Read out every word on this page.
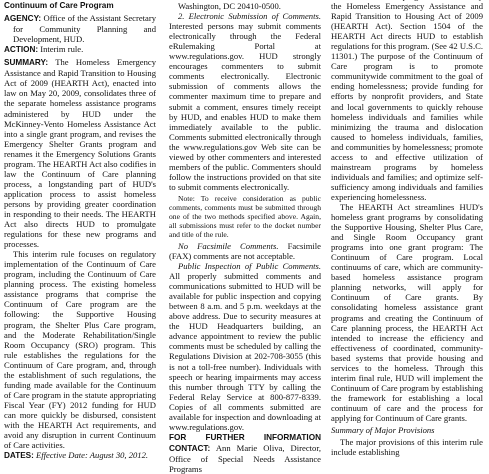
Continuum of Care Program

AGENCY: Office of the Assistant Secretary for Community Planning and Development, HUD.

ACTION: Interim rule.

SUMMARY: The Homeless Emergency Assistance and Rapid Transition to Housing Act of 2009 (HEARTH Act), enacted into law on May 20, 2009, consolidates three of the separate homeless assistance programs administered by HUD under the McKinney-Vento Homeless Assistance Act into a single grant program, and revises the Emergency Shelter Grants program and renames it the Emergency Solutions Grants program. The HEARTH Act also codifies in law the Continuum of Care planning process, a longstanding part of HUD's application process to assist homeless persons by providing greater coordination in responding to their needs. The HEARTH Act also directs HUD to promulgate regulations for these new programs and processes.

This interim rule focuses on regulatory implementation of the Continuum of Care program, including the Continuum of Care planning process. The existing homeless assistance programs that comprise the Continuum of Care program are the following: the Supportive Housing program, the Shelter Plus Care program, and the Moderate Rehabilitation/Single Room Occupancy (SRO) program. This rule establishes the regulations for the Continuum of Care program, and, through the establishment of such regulations, the funding made available for the Continuum of Care program in the statute appropriating Fiscal Year (FY) 2012 funding for HUD can more quickly be disbursed, consistent with the HEARTH Act requirements, and avoid any disruption in current Continuum of Care activities.

DATES: Effective Date: August 30, 2012.

Washington, DC 20410-0500.

2. Electronic Submission of Comments. Interested persons may submit comments electronically through the Federal eRulemaking Portal at www.regulations.gov. HUD strongly encourages commenters to submit comments electronically. Electronic submission of comments allows the commenter maximum time to prepare and submit a comment, ensures timely receipt by HUD, and enables HUD to make them immediately available to the public. Comments submitted electronically through the www.regulations.gov Web site can be viewed by other commenters and interested members of the public. Commenters should follow the instructions provided on that site to submit comments electronically.

Note: To receive consideration as public comments, comments must be submitted through one of the two methods specified above. Again, all submissions must refer to the docket number and title of the rule.

No Facsimile Comments. Facsimile (FAX) comments are not acceptable.

Public Inspection of Public Comments. All properly submitted comments and communications submitted to HUD will be available for public inspection and copying between 8 a.m. and 5 p.m. weekdays at the above address. Due to security measures at the HUD Headquarters building, an advance appointment to review the public comments must be scheduled by calling the Regulations Division at 202-708-3055 (this is not a toll-free number). Individuals with speech or hearing impairments may access this number through TTY by calling the Federal Relay Service at 800-877-8339. Copies of all comments submitted are available for inspection and downloading at www.regulations.gov.

FOR FURTHER INFORMATION CONTACT: Ann Marie Oliva, Director, Office of Special Needs Assistance Programs

the Homeless Emergency Assistance and Rapid Transition to Housing Act of 2009 (HEARTH Act). Section 1504 of the HEARTH Act directs HUD to establish regulations for this program. (See 42 U.S.C. 11301.) The purpose of the Continuum of Care program is to promote communitywide commitment to the goal of ending homelessness; provide funding for efforts by nonprofit providers, and State and local governments to quickly rehouse homeless individuals and families while minimizing the trauma and dislocation caused to homeless individuals, families, and communities by homelessness; promote access to and effective utilization of mainstream programs by homeless individuals and families; and optimize self-sufficiency among individuals and families experiencing homelessness.

The HEARTH Act streamlines HUD's homeless grant programs by consolidating the Supportive Housing, Shelter Plus Care, and Single Room Occupancy grant programs into one grant program: The Continuum of Care program. Local continuums of care, which are community-based homeless assistance program planning networks, will apply for Continuum of Care grants. By consolidating homeless assistance grant programs and creating the Continuum of Care planning process, the HEARTH Act intended to increase the efficiency and effectiveness of coordinated, community-based systems that provide housing and services to the homeless. Through this interim final rule, HUD will implement the Continuum of Care program by establishing the framework for establishing a local continuum of care and the process for applying for Continuum of Care grants.

Summary of Major Provisions

The major provisions of this interim rule include establishing
